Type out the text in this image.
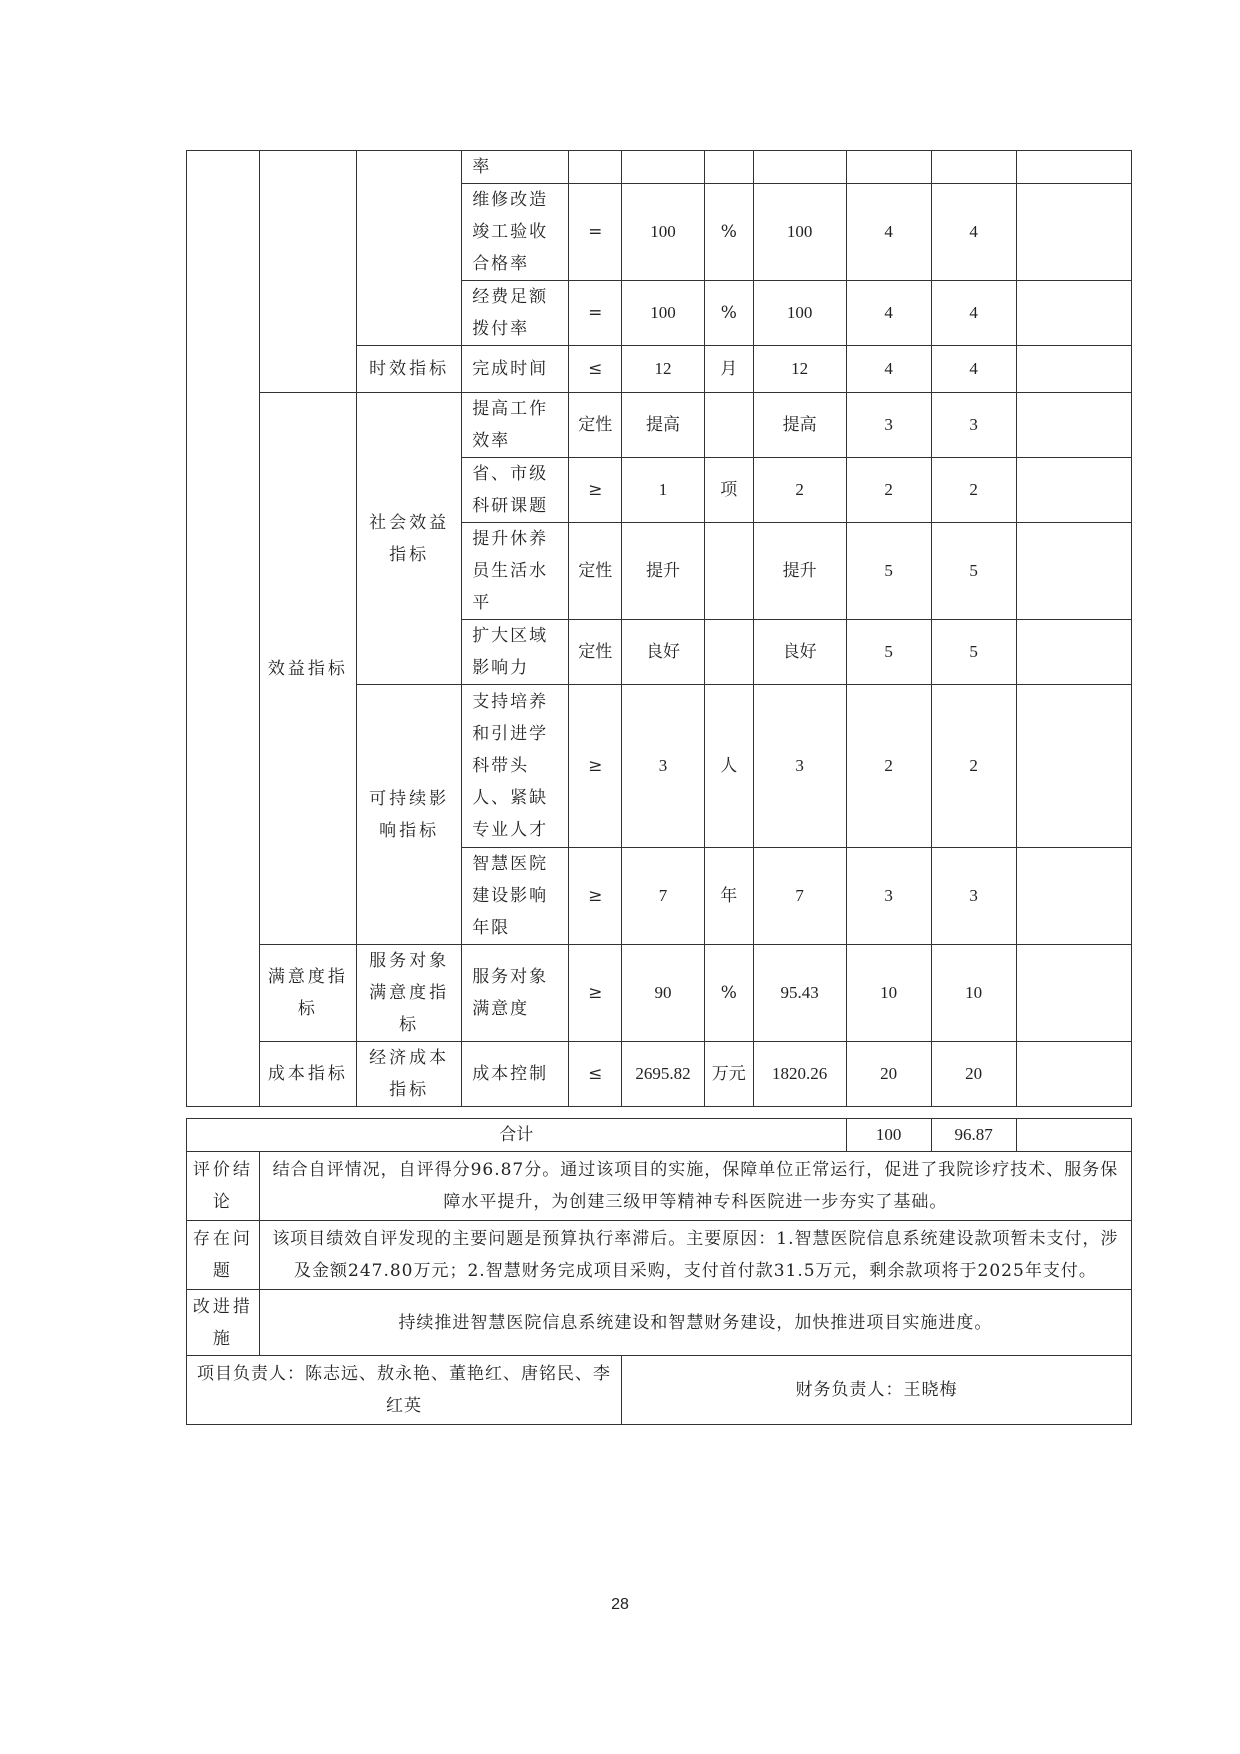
			率							
			维修改造竣工验收合格率	=	100	%	100	4	4	
			经费足额拨付率	=	100	%	100	4	4	
		时效指标	完成时间	≤	12	月	12	4	4	
	效益指标	社会效益指标	提高工作效率	定性	提高		提高	3	3	
			省、市级科研课题	≥	1	项	2	2	2	
			提升休养员生活水平	定性	提升		提升	5	5	
			扩大区域影响力	定性	良好		良好	5	5	
		可持续影响指标	支持培养和引进学科带头人、紧缺专业人才	≥	3	人	3	2	2	
			智慧医院建设影响年限	≥	7	年	7	3	3	
	满意度指标	服务对象满意度指标	服务对象满意度	≥	90	%	95.43	10	10	
	成本指标	经济成本指标	成本控制	≤	2695.82	万元	1820.26	20	20	
合计			100	96.87	
评价结论	结合自评情况，自评得分96.87分。通过该项目的实施，保障单位正常运行，促进了我院诊疗技术、服务保障水平提升，为创建三级甲等精神专科医院进一步夯实了基础。				
存在问题	该项目绩效自评发现的主要问题是预算执行率滞后。主要原因：1.智慧医院信息系统建设款项暂未支付，涉及金额247.80万元；2.智慧财务完成项目采购，支付首付款31.5万元，剩余款项将于2025年支付。				
改进措施	持续推进智慧医院信息系统建设和智慧财务建设，加快推进项目实施进度。				
项目负责人：陈志远、敖永艳、董艳红、唐铭民、李红英		财务负责人：王晓梅			
28
